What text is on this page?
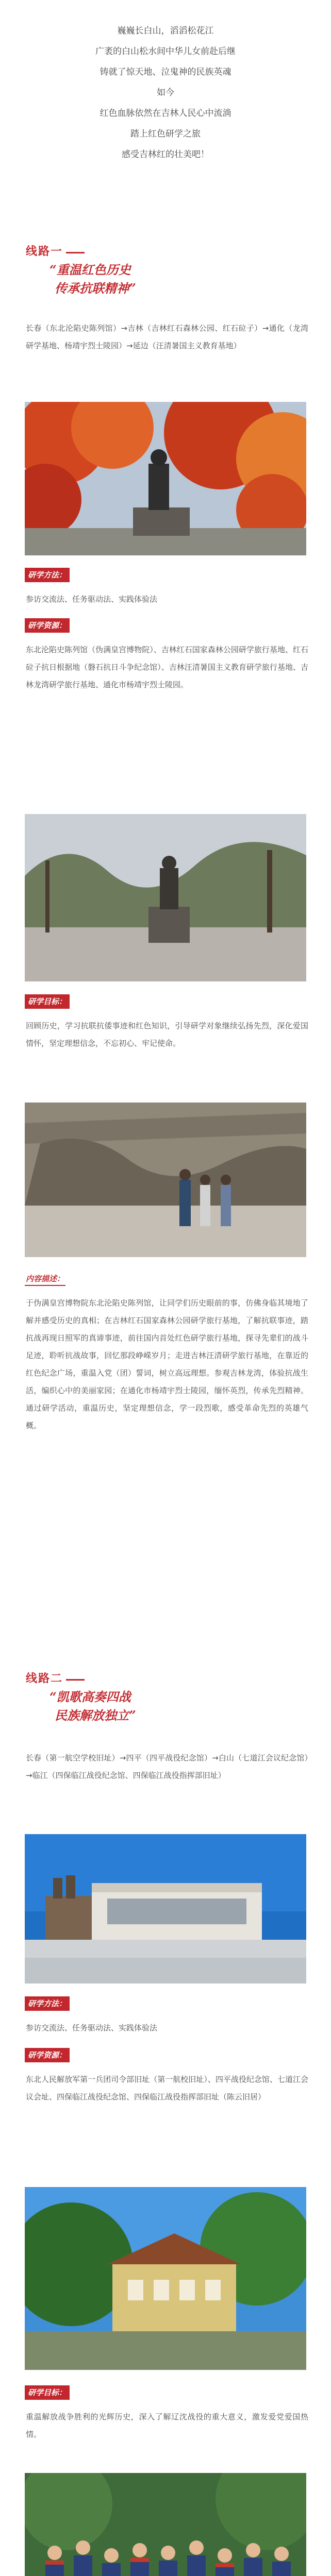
巍巍长白山，滔滔松花江

广袤的白山松水间中华儿女前赴后继

铸就了惊天地、泣鬼神的民族英魂

如今

红色血脉依然在吉林人民心中流淌

踏上红色研学之旅

感受吉林红的壮美吧！

线路一
“重温红色历史
传承抗联精神”

长春（东北沦陷史陈列馆）→吉林（吉林红石森林公园、红石砬子）→通化（龙湾研学基地、杨靖宇烈士陵园）→延边（汪清暑国主义教育基地）

研学方法：

参访交流法、任务驱动法、实践体验法

研学资源：

东北沦陷史陈列馆（伪满皇宫博物院）、吉林红石国家森林公园研学旅行基地、红石砬子抗日根据地（磐石抗日斗争纪念馆）、吉林汪清暑国主义教育研学旅行基地、吉林龙湾研学旅行基地、通化市杨靖宇烈士陵园。

研学目标：

回顾历史，学习抗联抗倭事迹和红色知识，引导研学对象继续弘扬先烈，深化爱国情怀，坚定理想信念，不忘初心、牢记使命。

内容描述：

于伪满皇宫博物院东北沦陷史陈列馆，让同学们历史眼前的事，仿佛身临其境地了解并感受历史的真相；在吉林红石国家森林公园研学旅行基地，了解抗联事迹，踏抗战再现日照军的真谛事迹，前往国内首处红色研学旅行基地，探寻先辈们的战斗足迹，聆听抗战故事，回忆那段峥嵘岁月；走进吉林汪清研学旅行基地，在靠近的红色纪念广场，重温入党（团）誓词，树立高远理想。参观吉林龙湾，体验抗战生活，编织心中的美丽家园；在通化市杨靖宇烈士陵园，缅怀英烈，传承先烈精神。通过研学活动，重温历史，坚定理想信念，学一段烈歌，感受革命先烈的英雄气概。

线路二
“凯歌高奏四战
民族解放独立”

长春（第一航空学校旧址）→四平（四平战役纪念馆）→白山（七道江会议纪念馆）→临江（四保临江战役纪念馆、四保临江战役指挥部旧址）

研学方法：

参访交流法、任务驱动法、实践体验法

研学资源：

东北人民解放军第一兵团司令部旧址（第一航校旧址）、四平战役纪念馆、七道江会议会址、四保临江战役纪念馆、四保临江战役指挥部旧址（陈云旧居）

研学目标：

重温解放战争胜利的光辉历史，深入了解辽沈战役的重大意义，激发爱党爱国热情。
